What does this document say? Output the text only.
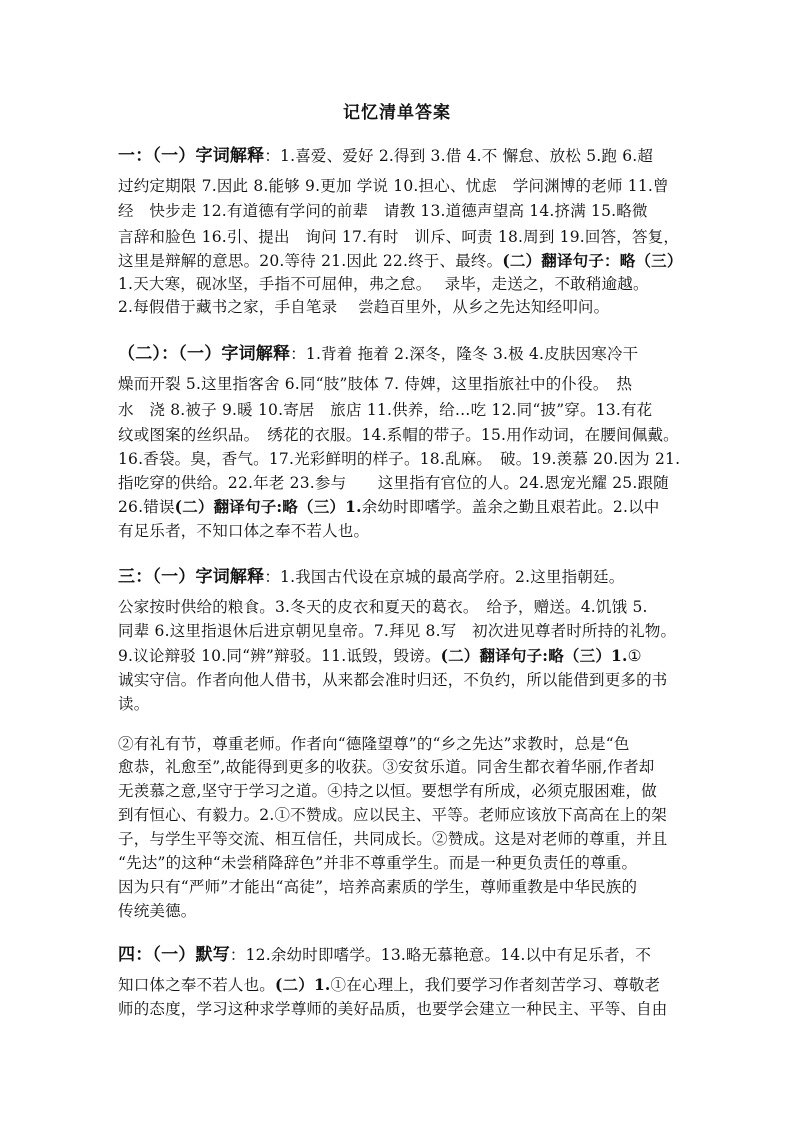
记忆清单答案
一：（一）字词解释：1.喜爱、爱好 2.得到 3.借 4.不 懈怠、放松 5.跑 6.超
过约定期限 7.因此 8.能够 9.更加 学说 10.担心、忧虑　学问渊博的老师 11.曾
经　快步走 12.有道德有学问的前辈　请教 13.道德声望高 14.挤满 15.略微
言辞和脸色 16.引、提出　询问 17.有时　训斥、呵责 18.周到 19.回答，答复，
这里是辩解的意思。20.等待 21.因此 22.终于、最终。(二）翻译句子：略（三）
1.天大寒，砚冰坚，手指不可屈伸，弗之怠。　 录毕，走送之，不敢稍逾越。
2.每假借于藏书之家，手自笔录　 尝趋百里外，从乡之先达知经叩问。
（二）：（一）字词解释：1.背着 拖着 2.深冬，隆冬 3.极 4.皮肤因寒冷干
燥而开裂 5.这里指客舍 6.同“肢”肢体 7. 侍婢，这里指旅社中的仆役。　热
水　浇 8.被子 9.暖 10.寄居　旅店 11.供养，给…吃 12.同“披”穿。13.有花
纹或图案的丝织品。　绣花的衣服。14.系帽的带子。15.用作动词，在腰间佩戴。
16.香袋。臭，香气。17.光彩鲜明的样子。18.乱麻。　破。19.羡慕 20.因为 21.
指吃穿的供给。22.年老 23.参与　　这里指有官位的人。24.恩宠光耀 25.跟随
26.错误(二）翻译句子:略（三）1.余幼时即嗜学。盖余之勤且艰若此。2.以中
有足乐者，不知口体之奉不若人也。
三：（一）字词解释：1.我国古代设在京城的最高学府。2.这里指朝廷。
公家按时供给的粮食。3.冬天的皮衣和夏天的葛衣。　给予，赠送。4.饥饿 5.
同辈 6.这里指退休后进京朝见皇帝。7.拜见 8.写　初次进见尊者时所持的礼物。
9.议论辩驳 10.同“辨”辩驳。11.诋毁，毁谤。(二）翻译句子:略（三）1.①
诚实守信。作者向他人借书，从来都会准时归还，不负约，所以能借到更多的书
读。
②有礼有节，尊重老师。作者向“德隆望尊”的“乡之先达”求教时，总是“色
愈恭，礼愈至”,故能得到更多的收获。③安贫乐道。同舍生都衣着华丽,作者却
无羡慕之意,坚守于学习之道。④持之以恒。要想学有所成，必须克服困难，做
到有恒心、有毅力。2.①不赞成。应以民主、平等。老师应该放下高高在上的架
子，与学生平等交流、相互信任，共同成长。②赞成。这是对老师的尊重，并且
“先达”的这种“未尝稍降辞色”并非不尊重学生。而是一种更负责任的尊重。
因为只有“严师”才能出“高徒”，培养高素质的学生，尊师重教是中华民族的
传统美德。
四：（一）默写：12.余幼时即嗜学。13.略无慕艳意。14.以中有足乐者，不
知口体之奉不若人也。(二）1.①在心理上，我们要学习作者刻苦学习、尊敬老
师的态度，学习这种求学尊师的美好品质，也要学会建立一种民主、平等、自由
